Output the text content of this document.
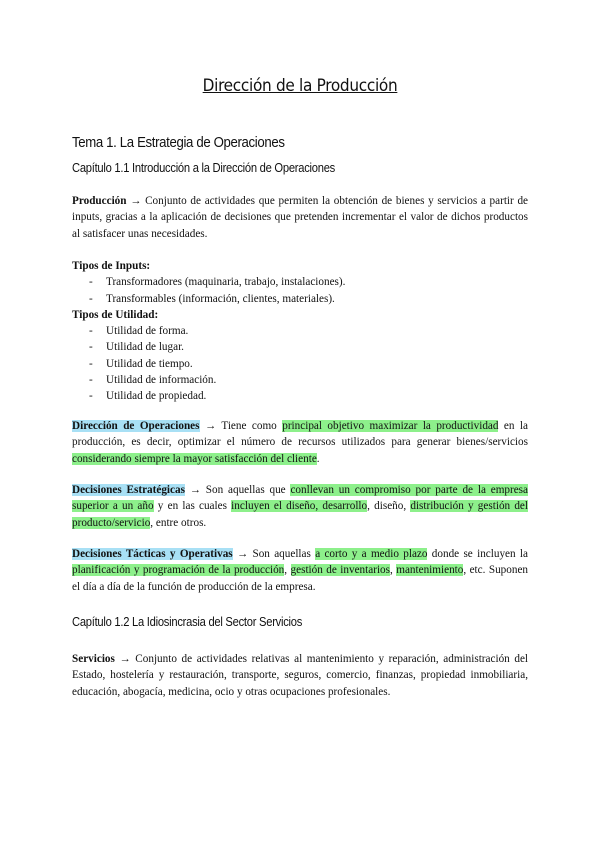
Dirección de la Producción
Tema 1. La Estrategia de Operaciones
Capítulo 1.1 Introducción a la Dirección de Operaciones
Producción → Conjunto de actividades que permiten la obtención de bienes y servicios a partir de inputs, gracias a la aplicación de decisiones que pretenden incrementar el valor de dichos productos al satisfacer unas necesidades.
Tipos de Inputs:
- Transformadores (maquinaria, trabajo, instalaciones).
- Transformables (información, clientes, materiales).
Tipos de Utilidad:
- Utilidad de forma.
- Utilidad de lugar.
- Utilidad de tiempo.
- Utilidad de información.
- Utilidad de propiedad.
Dirección de Operaciones → Tiene como principal objetivo maximizar la productividad en la producción, es decir, optimizar el número de recursos utilizados para generar bienes/servicios considerando siempre la mayor satisfacción del cliente.
Decisiones Estratégicas → Son aquellas que conllevan un compromiso por parte de la empresa superior a un año y en las cuales incluyen el diseño, desarrollo, diseño, distribución y gestión del producto/servicio, entre otros.
Decisiones Tácticas y Operativas → Son aquellas a corto y a medio plazo donde se incluyen la planificación y programación de la producción, gestión de inventarios, mantenimiento, etc. Suponen el día a día de la función de producción de la empresa.
Capítulo 1.2 La Idiosincrasia del Sector Servicios
Servicios → Conjunto de actividades relativas al mantenimiento y reparación, administración del Estado, hostelería y restauración, transporte, seguros, comercio, finanzas, propiedad inmobiliaria, educación, abogacía, medicina, ocio y otras ocupaciones profesionales.
